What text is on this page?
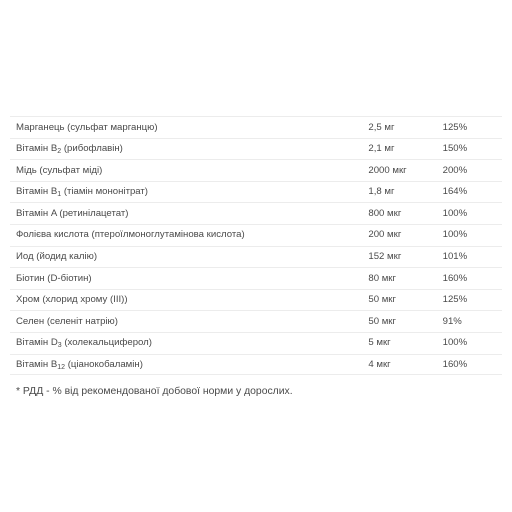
Марганець (сульфат марганцю)	2,5 мг	125%
Вітамін $B_2$ (рибофлавін)	2,1 мг	150%
Мідь (сульфат міді)	2000 мкг	200%
Вітамін $B_1$ (тіамін мононітрат)	1,8 мг	164%
Вітамін A (ретинілацетат)	800 мкг	100%
Фолієва кислота (птероїлмоноглутамінова кислота)	200 мкг	100%
Йод (йодид калію)	152 мкг	101%
Біотин (D-біотин)	80 мкг	160%
Хром (хлорид хрому (III))	50 мкг	125%
Селен (селеніт натрію)	50 мкг	91%
Вітамін $D_3$ (холекальциферол)	5 мкг	100%
Вітамін $B_{12}$ (ціанокобаламін)	4 мкг	160%
* РДД - % від рекомендованої добової норми у дорослих.
